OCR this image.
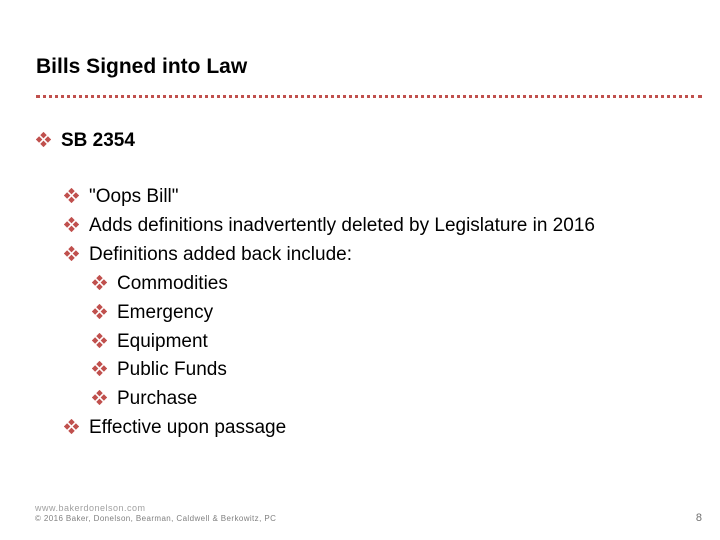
Bills Signed into Law
SB 2354
"Oops Bill"
Adds definitions inadvertently deleted by Legislature in 2016
Definitions added back include:
Commodities
Emergency
Equipment
Public Funds
Purchase
Effective upon passage
www.bakerdonelson.com
© 2016 Baker, Donelson, Bearman, Caldwell & Berkowitz, PC	8
